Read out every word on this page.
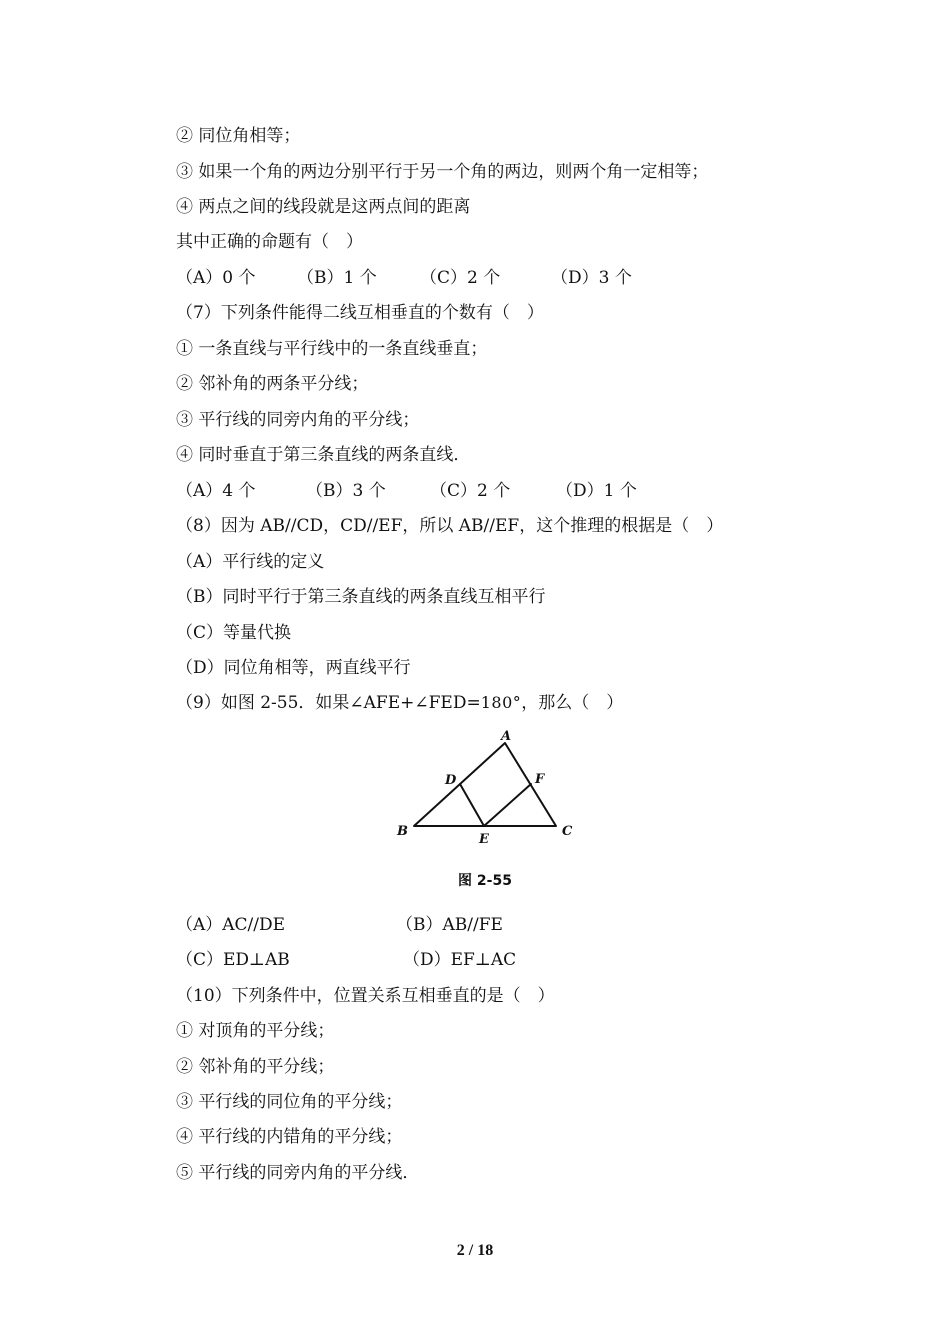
② 同位角相等；
③ 如果一个角的两边分别平行于另一个角的两边，则两个角一定相等；
④ 两点之间的线段就是这两点间的距离
其中正确的命题有（　）
（A）0 个 （B）1 个	（C）2 个	（D）3 个
（7）下列条件能得二线互相垂直的个数有（　）
① 一条直线与平行线中的一条直线垂直；
② 邻补角的两条平分线；
③ 平行线的同旁内角的平分线；
④ 同时垂直于第三条直线的两条直线．
（A）4 个	（B）3 个	（C）2 个	（D）1 个
（8）因为 AB//CD，CD//EF，所以 AB//EF，这个推理的根据是（　）
（A）平行线的定义
（B）同时平行于第三条直线的两条直线互相平行
（C）等量代换
（D）同位角相等，两直线平行
（9）如图 2-55．如果∠AFE+∠FED=180°，那么（　）
A
B	C
D
E
F
图 2-55
（A）AC//DE	（B）AB//FE
（C）ED⊥AB	（D）EF⊥AC
（10）下列条件中，位置关系互相垂直的是（　）
① 对顶角的平分线；
② 邻补角的平分线；
③ 平行线的同位角的平分线；
④ 平行线的内错角的平分线；
⑤ 平行线的同旁内角的平分线．
2 / 18
